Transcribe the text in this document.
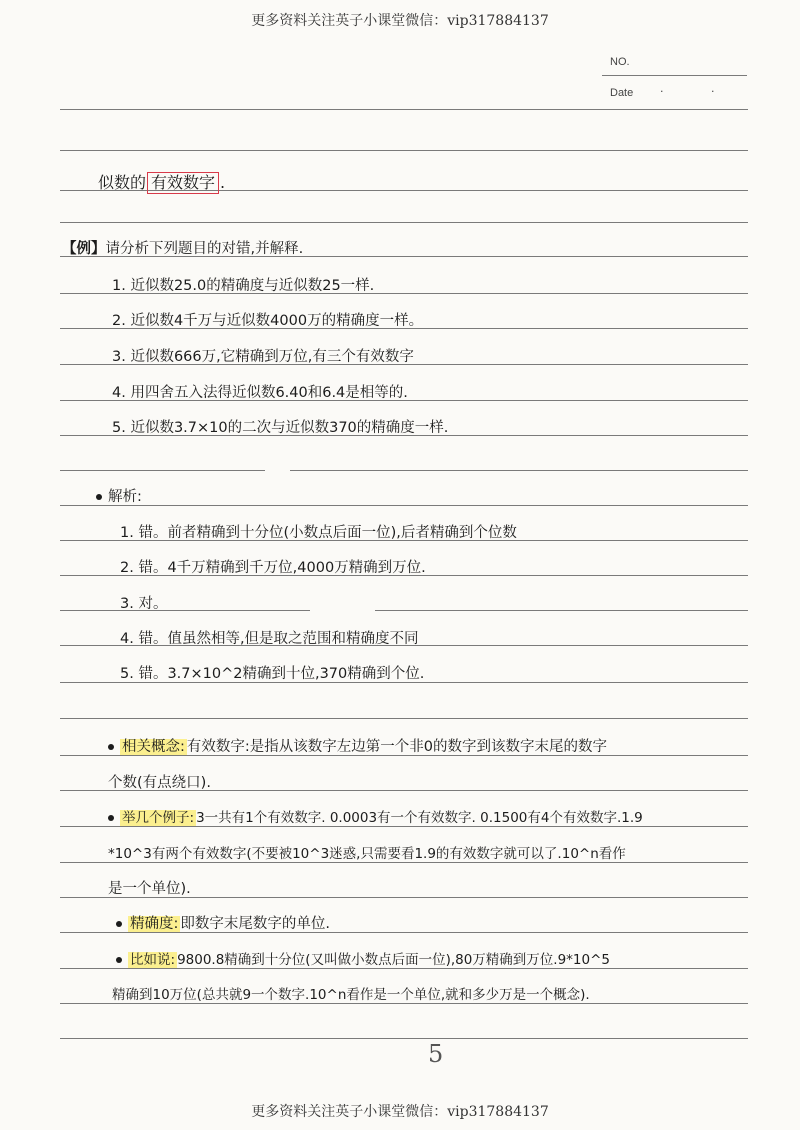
更多资料关注英子小课堂微信：vip317884137
更多资料关注英子小课堂微信：vip317884137
NO.
Date · ·
似数的 有效数字 .
【例】请分析下列题目的对错,并解释.
1. 近似数25.0的精确度与近似数25一样.
2. 近似数4千万与近似数4000万的精确度一样。
3. 近似数666万,它精确到万位,有三个有效数字
4. 用四舍五入法得近似数6.40和6.4是相等的.
5. 近似数3.7×10的二次与近似数370的精确度一样.
解析:
1. 错。前者精确到十分位(小数点后面一位),后者精确到个位数
2. 错。4千万精确到千万位,4000万精确到万位.
3. 对。
4. 错。值虽然相等,但是取之范围和精确度不同
5. 错。3.7×10^2精确到十位,370精确到个位.
相关概念: 有效数字:是指从该数字左边第一个非0的数字到该数字末尾的数字
个数(有点绕口).
举几个例子: 3一共有1个有效数字. 0.0003有一个有效数字. 0.1500有4个有效数字.1.9
*10^3有两个有效数字(不要被10^3迷惑,只需要看1.9的有效数字就可以了.10^n看作
是一个单位).
精确度: 即数字末尾数字的单位.
比如说: 9800.8精确到十分位(又叫做小数点后面一位),80万精确到万位.9*10^5
精确到10万位(总共就9一个数字.10^n看作是一个单位,就和多少万是一个概念).
5
